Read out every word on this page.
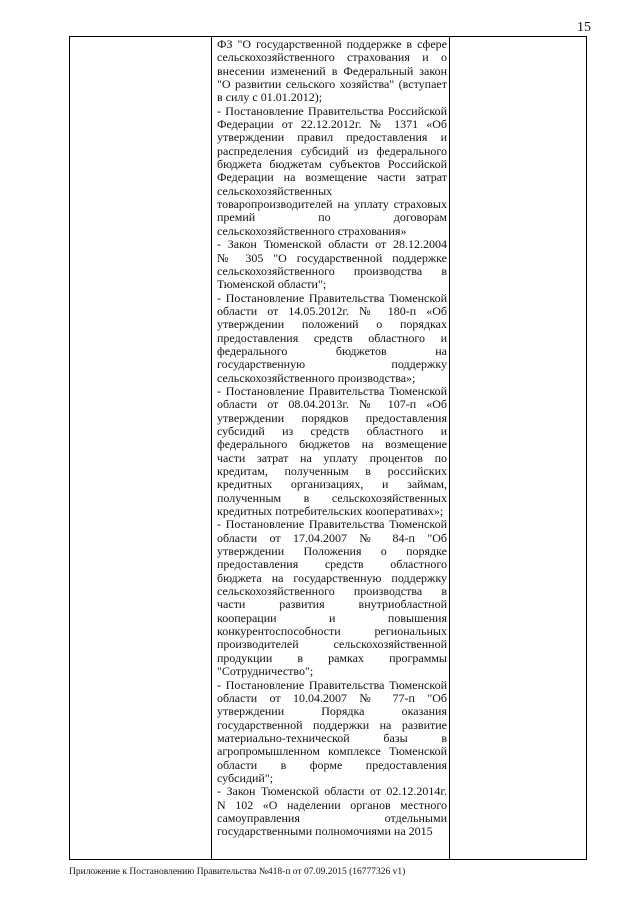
15
ФЗ "О государственной поддержке в сфере
сельскохозяйственного страхования и о
внесении изменений в Федеральный закон
"О развитии сельского хозяйства" (вступает
в силу с 01.01.2012);
- Постановление Правительства Российской
Федерации от 22.12.2012г. № 1371 «Об
утверждении правил предоставления и
распределения субсидий из федерального
бюджета бюджетам субъектов Российской
Федерации на возмещение части затрат
сельскохозяйственных
товаропроизводителей на уплату страховых
премий по договорам
сельскохозяйственного страхования»
- Закон Тюменской области от 28.12.2004
№ 305 "О государственной поддержке
сельскохозяйственного производства в
Тюменской области";
- Постановление Правительства Тюменской
области от 14.05.2012г. № 180-п «Об
утверждении положений о порядках
предоставления средств областного и
федерального бюджетов на
государственную поддержку
сельскохозяйственного производства»;
- Постановление Правительства Тюменской
области от 08.04.2013г. № 107-п «Об
утверждении порядков предоставления
субсидий из средств областного и
федерального бюджетов на возмещение
части затрат на уплату процентов по
кредитам, полученным в российских
кредитных организациях, и займам,
полученным в сельскохозяйственных
кредитных потребительских кооперативах»;
- Постановление Правительства Тюменской
области от 17.04.2007 № 84-п "Об
утверждении Положения о порядке
предоставления средств областного
бюджета на государственную поддержку
сельскохозяйственного производства в
части развития внутриобластной
кооперации и повышения
конкурентоспособности региональных
производителей сельскохозяйственной
продукции в рамках программы
"Сотрудничество";
- Постановление Правительства Тюменской
области от 10.04.2007 № 77-п "Об
утверждении Порядка оказания
государственной поддержки на развитие
материально-технической базы в
агропромышленном комплексе Тюменской
области в форме предоставления
субсидий";
- Закон Тюменской области от 02.12.2014г.
N 102 «О наделении органов местного
самоуправления отдельными
государственными полномочиями на 2015
Приложение к Постановлению Правительства №418-п от 07.09.2015 (16777326 v1)
